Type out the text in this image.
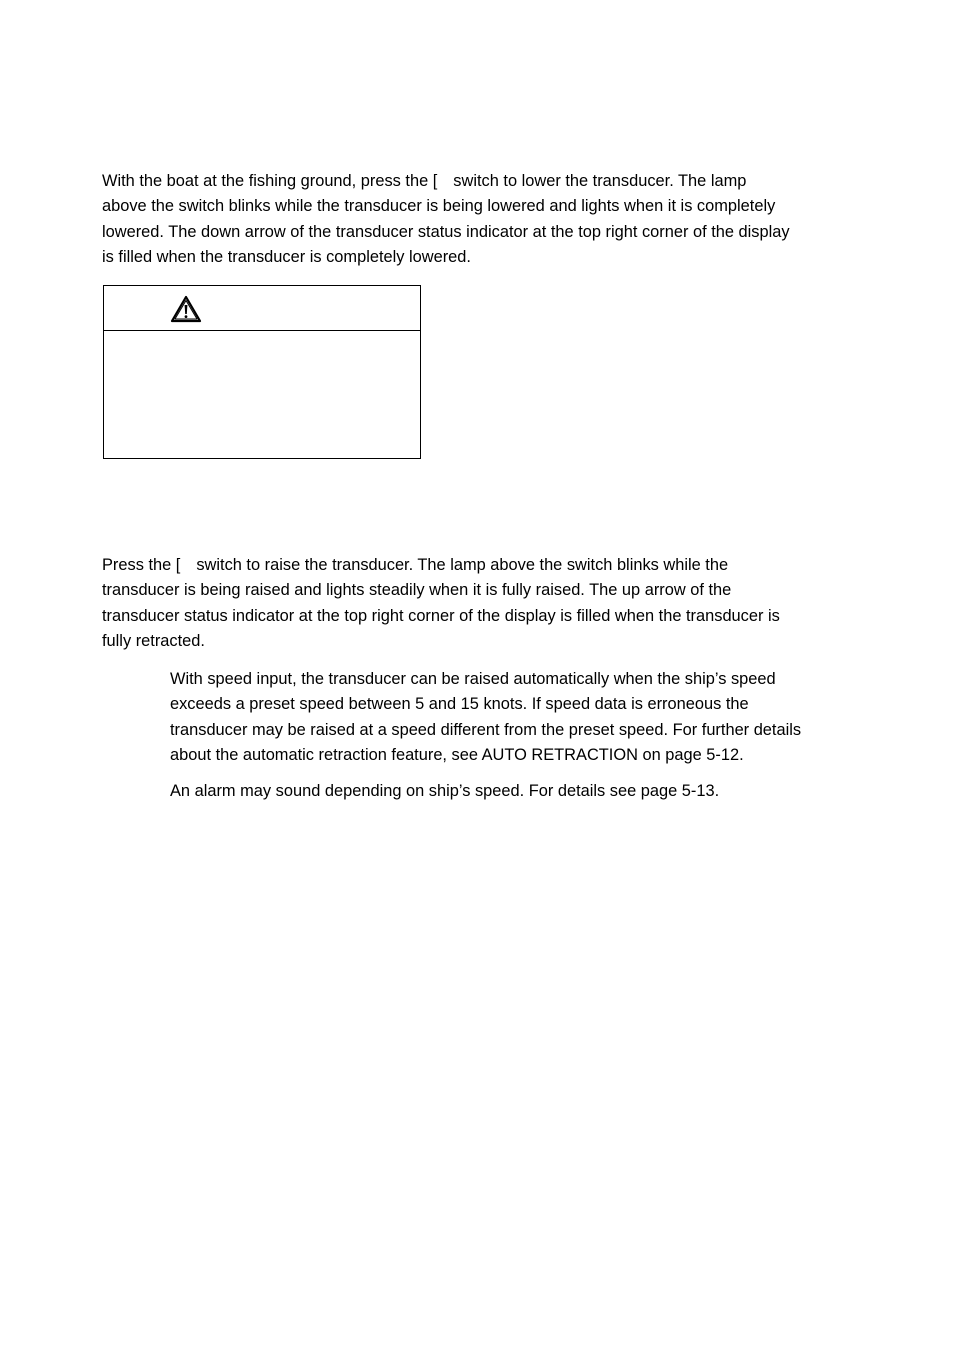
With the boat at the fishing ground, press the [ switch to lower the transducer. The lamp
above the switch blinks while the transducer is being lowered and lights when it is completely
lowered. The down arrow of the transducer status indicator at the top right corner of the display
is filled when the transducer is completely lowered.

Press the [ switch to raise the transducer. The lamp above the switch blinks while the
transducer is being raised and lights steadily when it is fully raised. The up arrow of the
transducer status indicator at the top right corner of the display is filled when the transducer is
fully retracted.

With speed input, the transducer can be raised automatically when the ship’s speed
exceeds a preset speed between 5 and 15 knots. If speed data is erroneous the
transducer may be raised at a speed different from the preset speed. For further details
about the automatic retraction feature, see AUTO RETRACTION on page 5-12.

An alarm may sound depending on ship’s speed. For details see page 5-13.
